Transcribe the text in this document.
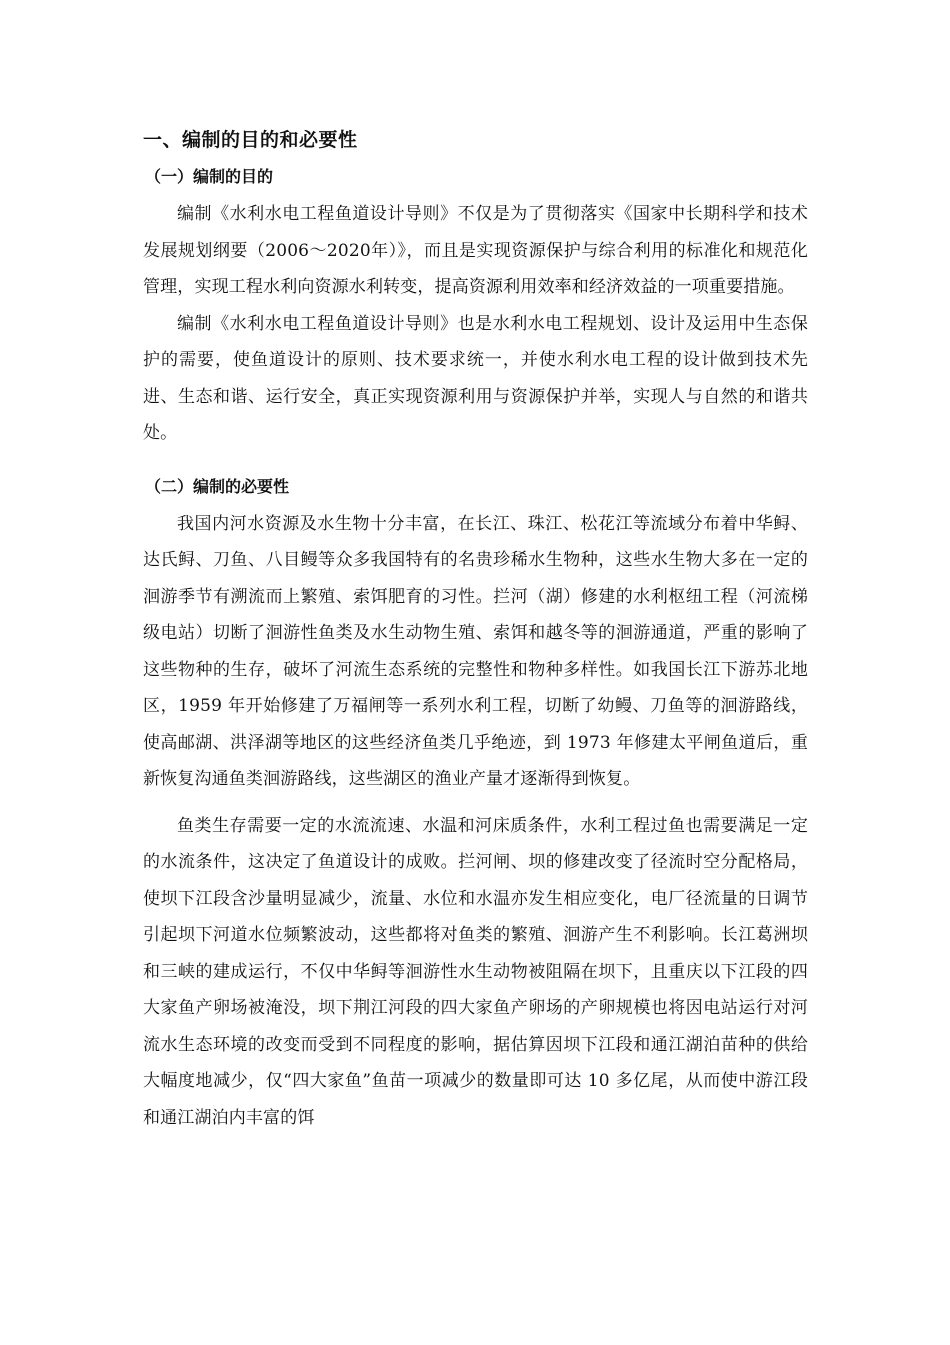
一、编制的目的和必要性
（一）编制的目的

编制《水利水电工程鱼道设计导则》不仅是为了贯彻落实《国家中长期科学和技术发展规划纲要（2006～2020年）》，而且是实现资源保护与综合利用的标准化和规范化管理，实现工程水利向资源水利转变，提高资源利用效率和经济效益的一项重要措施。

编制《水利水电工程鱼道设计导则》也是水利水电工程规划、设计及运用中生态保护的需要，使鱼道设计的原则、技术要求统一，并使水利水电工程的设计做到技术先进、生态和谐、运行安全，真正实现资源利用与资源保护并举，实现人与自然的和谐共处。

（二）编制的必要性

我国内河水资源及水生物十分丰富，在长江、珠江、松花江等流域分布着中华鲟、达氏鲟、刀鱼、八目鳗等众多我国特有的名贵珍稀水生物种，这些水生物大多在一定的洄游季节有溯流而上繁殖、索饵肥育的习性。拦河（湖）修建的水利枢纽工程（河流梯级电站）切断了洄游性鱼类及水生动物生殖、索饵和越冬等的洄游通道，严重的影响了这些物种的生存，破坏了河流生态系统的完整性和物种多样性。如我国长江下游苏北地区，1959 年开始修建了万福闸等一系列水利工程，切断了幼鳗、刀鱼等的洄游路线，使高邮湖、洪泽湖等地区的这些经济鱼类几乎绝迹，到 1973 年修建太平闸鱼道后，重新恢复沟通鱼类洄游路线，这些湖区的渔业产量才逐渐得到恢复。

鱼类生存需要一定的水流流速、水温和河床质条件，水利工程过鱼也需要满足一定的水流条件，这决定了鱼道设计的成败。拦河闸、坝的修建改变了径流时空分配格局，使坝下江段含沙量明显减少，流量、水位和水温亦发生相应变化，电厂径流量的日调节引起坝下河道水位频繁波动，这些都将对鱼类的繁殖、洄游产生不利影响。长江葛洲坝和三峡的建成运行，不仅中华鲟等洄游性水生动物被阻隔在坝下，且重庆以下江段的四大家鱼产卵场被淹没，坝下荆江河段的四大家鱼产卵场的产卵规模也将因电站运行对河流水生态环境的改变而受到不同程度的影响，据估算因坝下江段和通江湖泊苗种的供给大幅度地减少，仅“四大家鱼”鱼苗一项减少的数量即可达 10 多亿尾，从而使中游江段和通江湖泊内丰富的饵
